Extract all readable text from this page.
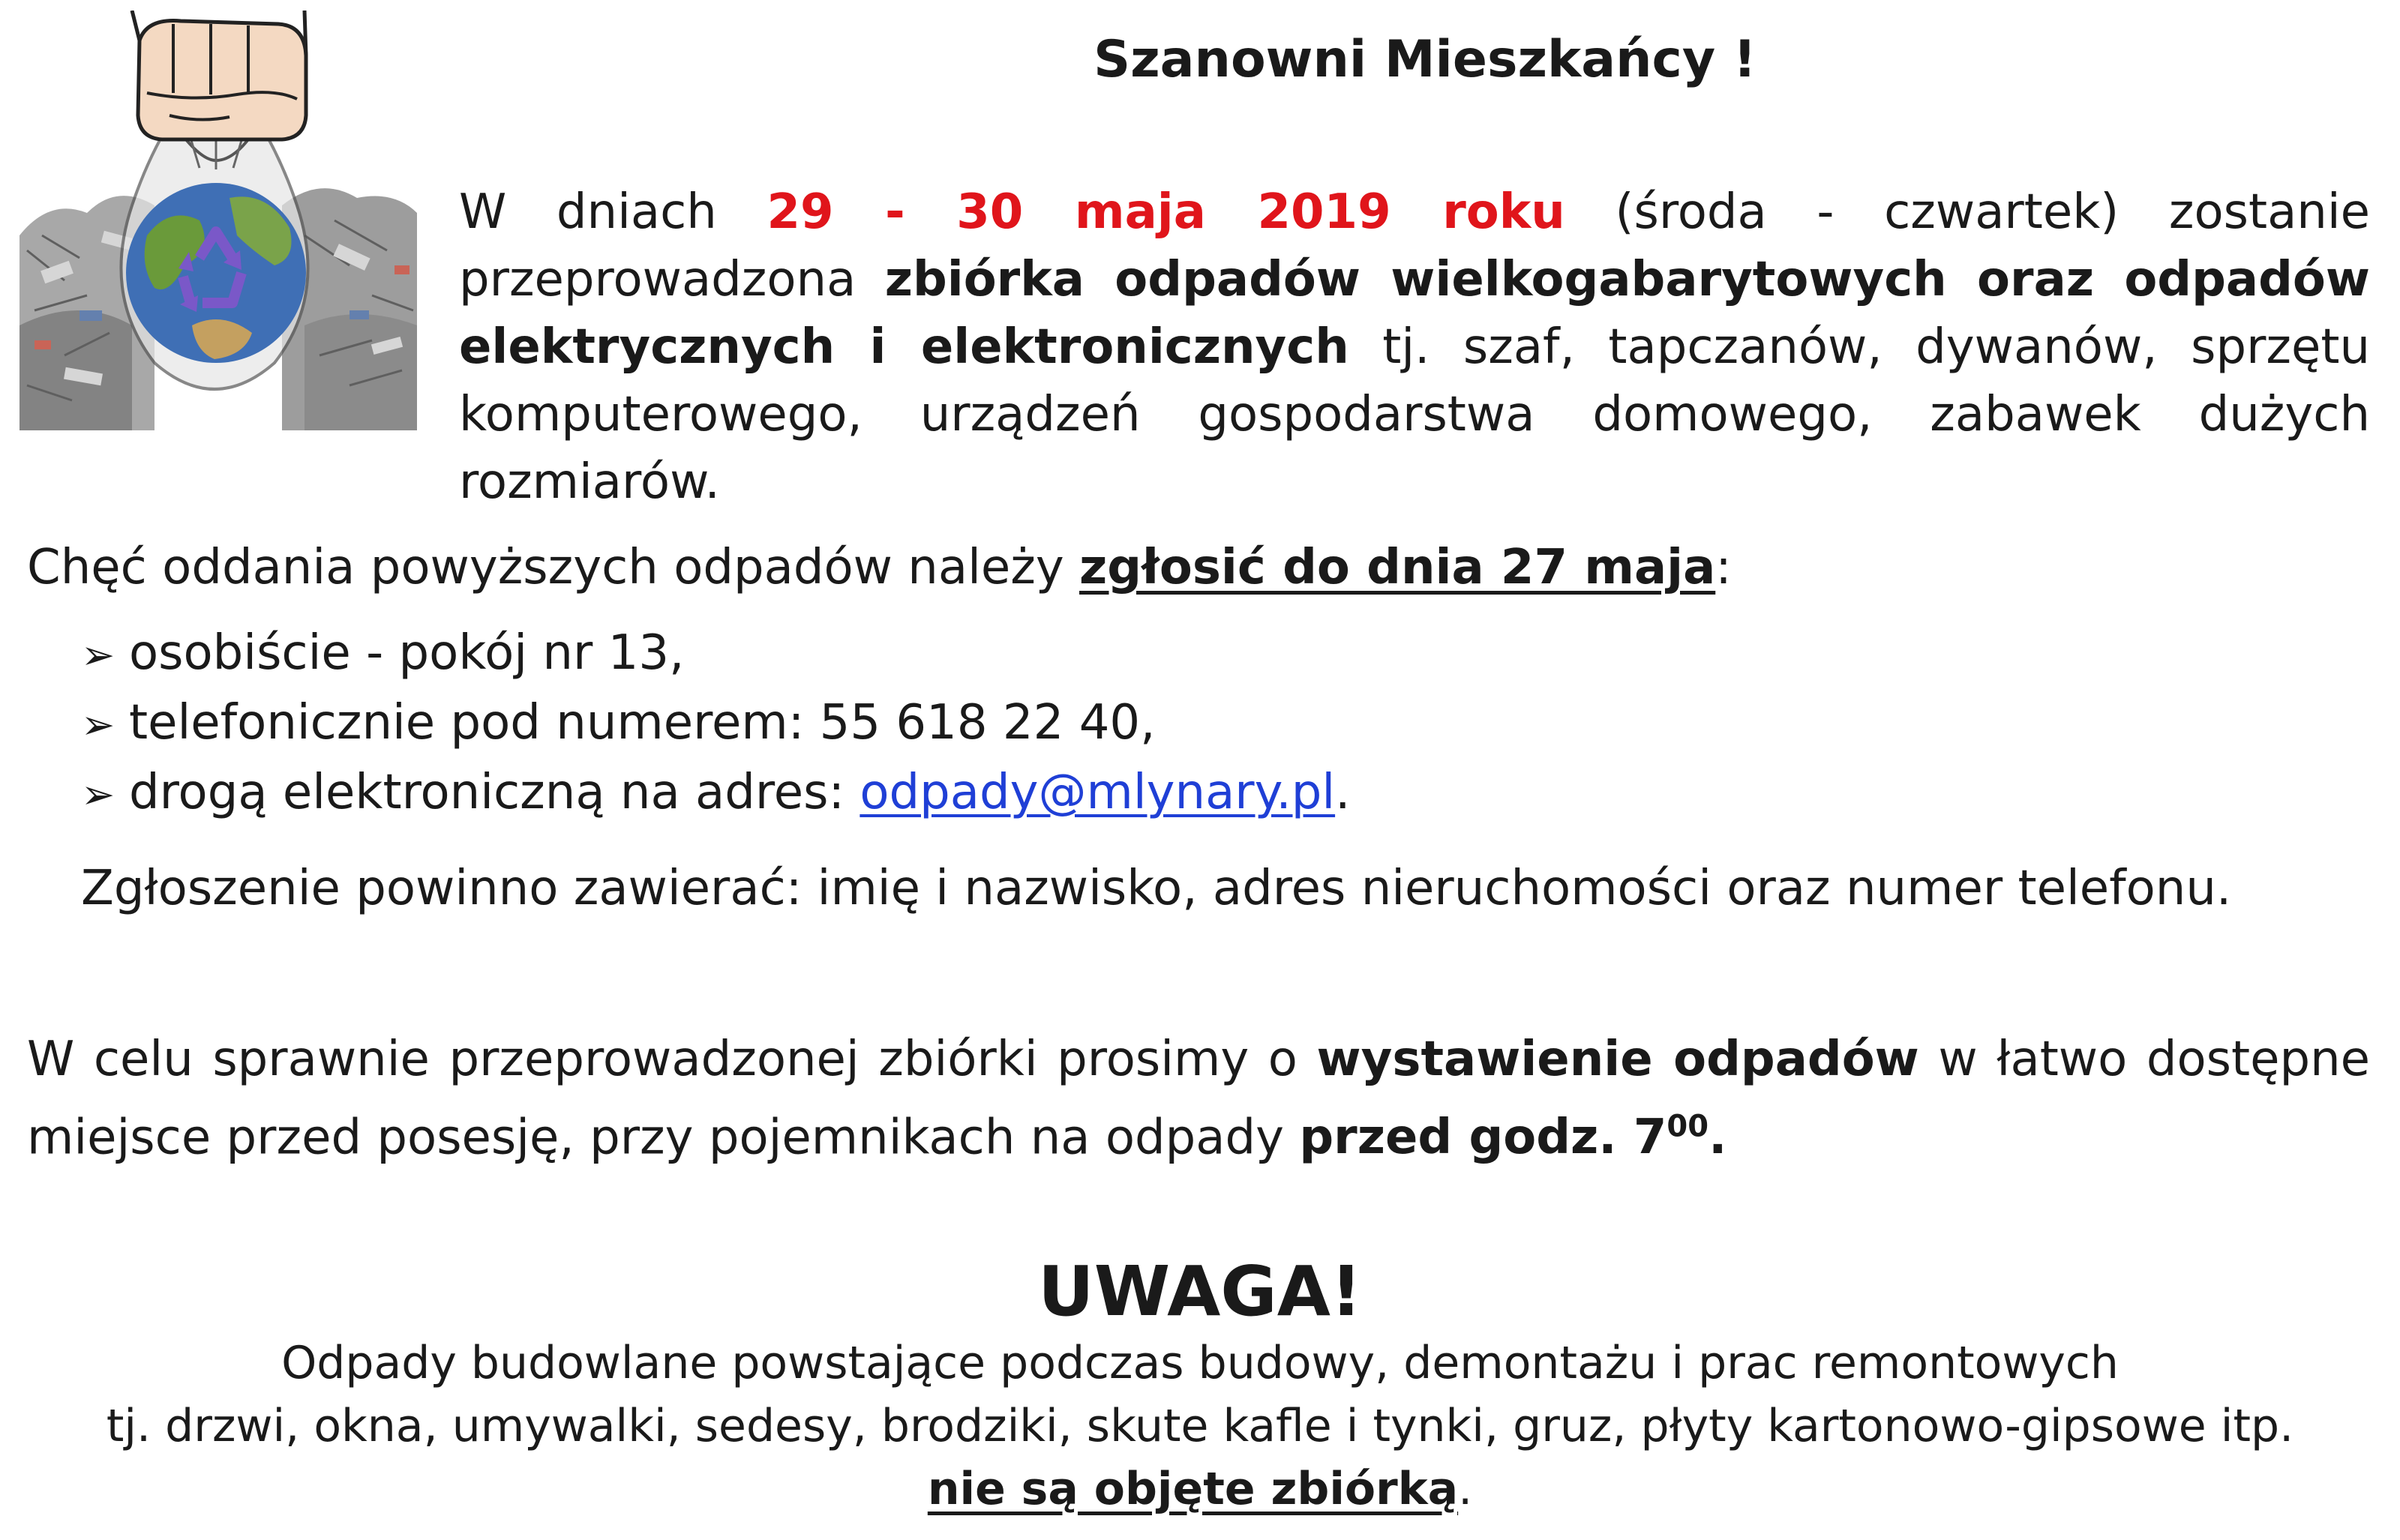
Szanowni Mieszkańcy !
W dniach 29 - 30 maja 2019 roku (środa - czwartek) zostanie przeprowadzona zbiórka odpadów wielkogabarytowych oraz odpadów elektrycznych i elektronicznych tj. szaf, tapczanów, dywanów, sprzętu komputerowego, urządzeń gospodarstwa domowego, zabawek dużych rozmiarów.
Chęć oddania powyższych odpadów należy zgłosić do dnia 27 maja:
➢ osobiście - pokój nr 13,
➢ telefonicznie pod numerem: 55 618 22 40,
➢ drogą elektroniczną na adres: odpady@mlynary.pl.
Zgłoszenie powinno zawierać: imię i nazwisko, adres nieruchomości oraz numer telefonu.
W celu sprawnie przeprowadzonej zbiórki prosimy o wystawienie odpadów w łatwo dostępne miejsce przed posesję, przy pojemnikach na odpady przed godz. $7^{00}$.
UWAGA!
Odpady budowlane powstające podczas budowy, demontażu i prac remontowych
tj. drzwi, okna, umywalki, sedesy, brodziki, skute kafle i tynki, gruz, płyty kartonowo-gipsowe itp.
nie są objęte zbiórką.
